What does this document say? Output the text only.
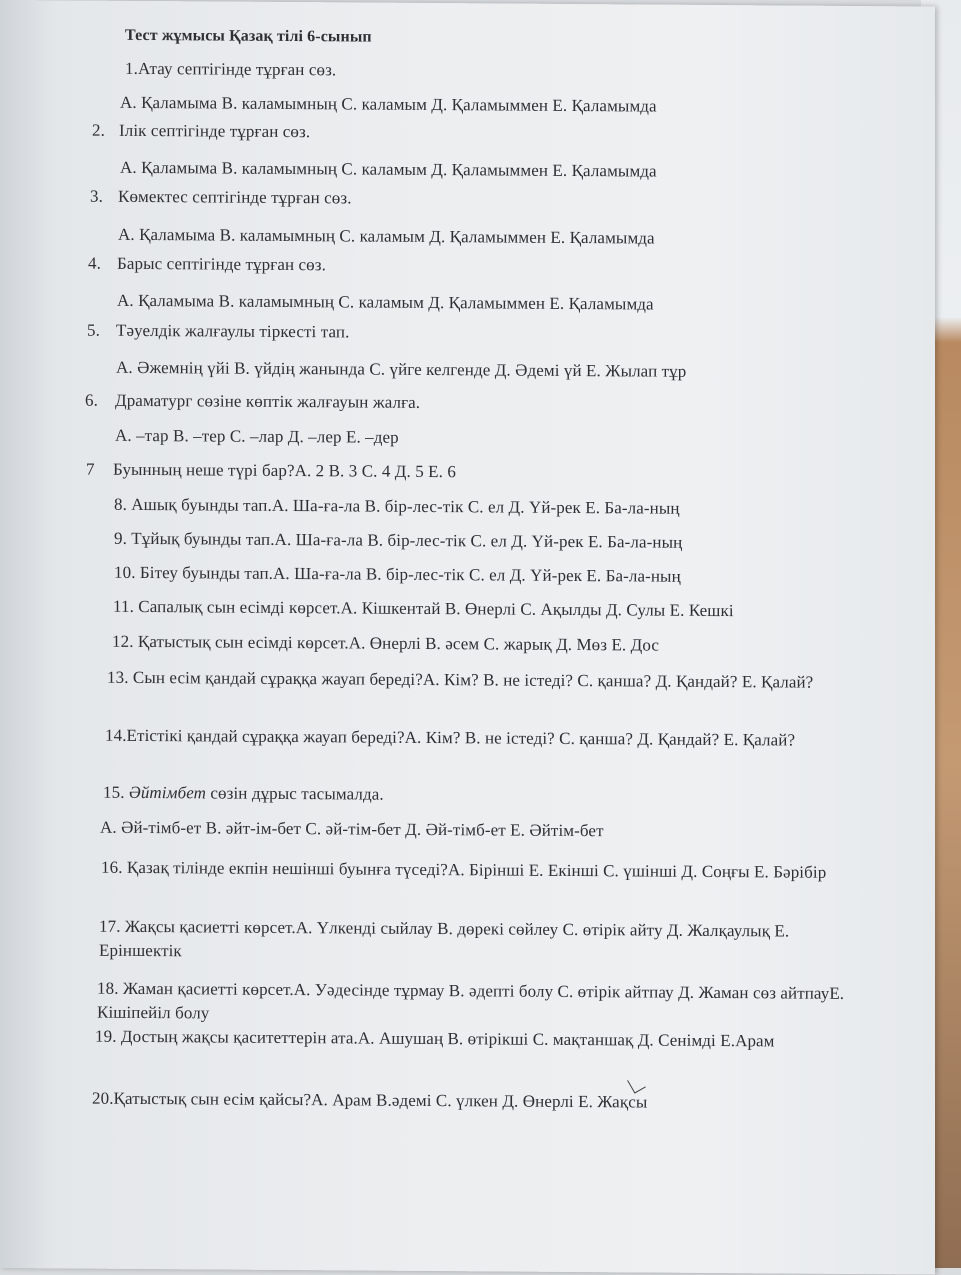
Тест жұмысы Қазақ тілі 6-сынып
1.Атау септігінде тұрған сөз.
А. Қаламыма В. каламымның С. каламым Д. Қаламыммен Е. Қаламымда
2. Ілік септігінде тұрған сөз.
А. Қаламыма В. каламымның С. каламым Д. Қаламыммен Е. Қаламымда
3. Көмектес септігінде тұрған сөз.
А. Қаламыма В. каламымның С. каламым Д. Қаламыммен Е. Қаламымда
4. Барыс септігінде тұрған сөз.
А. Қаламыма В. каламымның С. каламым Д. Қаламыммен Е. Қаламымда
5. Тәуелдік жалғаулы тіркесті тап.
А. Әжемнің үйі В. үйдің жанында С. үйге келгенде Д. Әдемі үй Е. Жылап тұр
6. Драматург сөзіне көптік жалғауын жалға.
А. –тар В. –тер С. –лар Д. –лер Е. –дер
7 Буынның неше түрі бар?А. 2 В. 3 С. 4 Д. 5 Е. 6
8. Ашық буынды тап.А. Ша-ға-ла В. бір-лес-тік С. ел Д. Үй-рек Е. Ба-ла-ның
9. Тұйық буынды тап.А. Ша-ға-ла В. бір-лес-тік С. ел Д. Үй-рек Е. Ба-ла-ның
10. Бітеу буынды тап.А. Ша-ға-ла В. бір-лес-тік С. ел Д. Үй-рек Е. Ба-ла-ның
11. Сапалық сын есімді көрсет.А. Кішкентай В. Өнерлі С. Ақылды Д. Сулы Е. Кешкі
12. Қатыстық сын есімді көрсет.А. Өнерлі В. әсем С. жарық Д. Мөз Е. Дос
13. Сын есім қандай сұраққа жауап береді?А. Кім? В. не істеді? С. қанша? Д. Қандай? Е. Қалай?
14.Етістікі қандай сұраққа жауап береді?А. Кім? В. не істеді? С. қанша? Д. Қандай? Е. Қалай?
15. Әйтімбет сөзін дұрыс тасымалда.
А. Әй-тімб-ет В. әйт-ім-бет С. әй-тім-бет Д. Әй-тімб-ет Е. Әйтім-бет
16. Қазақ тілінде екпін нешінші буынға түседі?А. Бірінші Е. Екінші С. үшінші Д. Соңғы Е. Бәрібір
17. Жақсы қасиетті көрсет.А. Үлкенді сыйлау В. дөрекі сөйлеу С. өтірік айту Д. Жалқаулық Е. Еріншектік
18. Жаман қасиетті көрсет.А. Уәдесінде тұрмау В. әдепті болу С. өтірік айтпау Д. Жаман сөз айтпауЕ. Кішіпейіл болу
19. Достың жақсы қаситеттерін ата.А. Ашушаң В. өтірікші С. мақтаншақ Д. Сенімді Е.Арам
20.Қатыстық сын есім қайсы?А. Арам В.әдемі С. үлкен Д. Өнерлі Е. Жақсы
